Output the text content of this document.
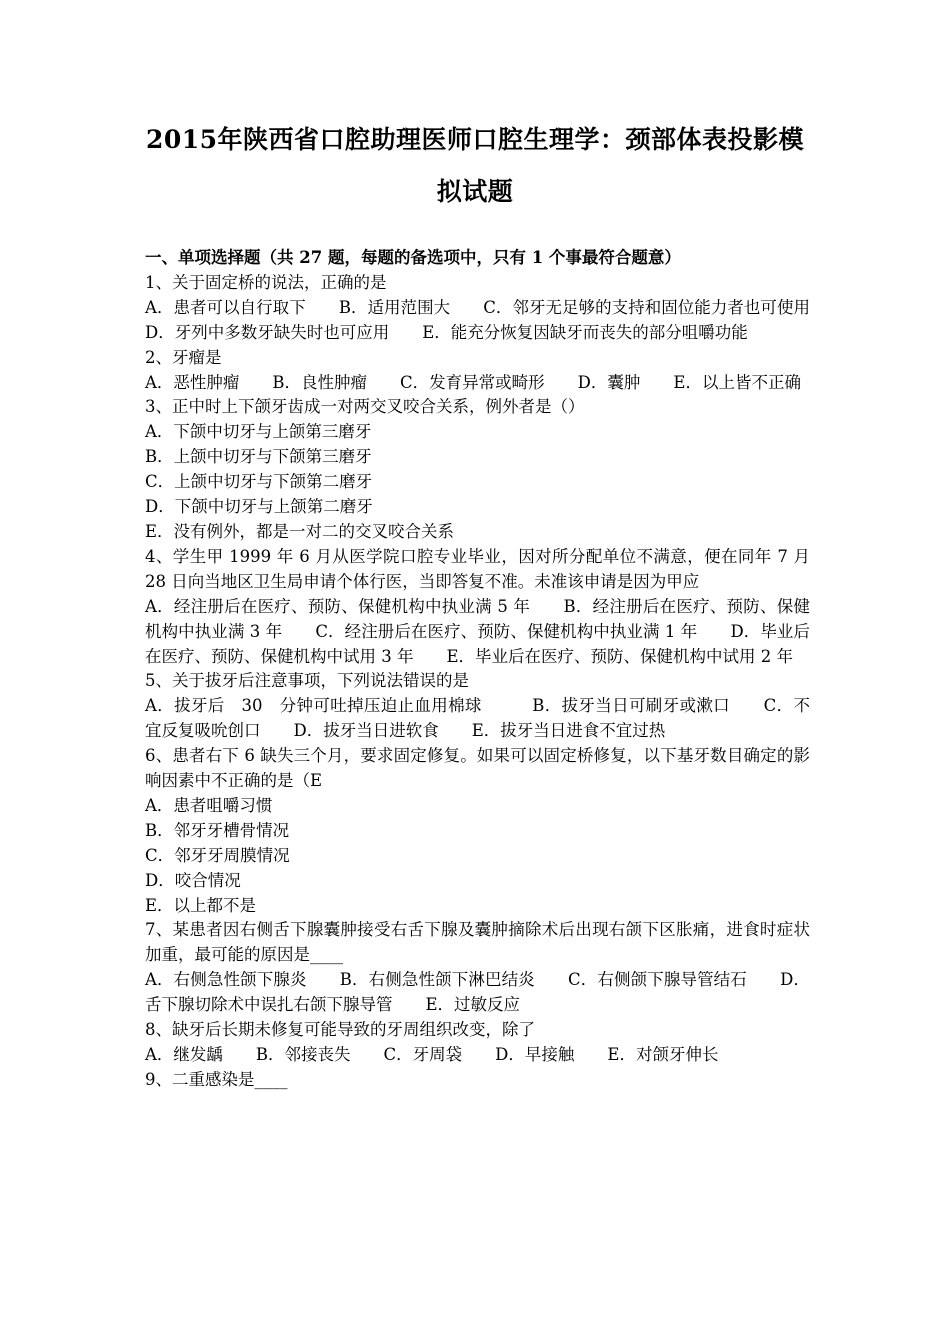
2015年陕西省口腔助理医师口腔生理学：颈部体表投影模
拟试题

一、单项选择题（共 27 题，每题的备选项中，只有 1 个事最符合题意）

1、关于固定桥的说法，正确的是

A．患者可以自行取下　　B．适用范围大　　C．邻牙无足够的支持和固位能力者也可使用　　D．牙列中多数牙缺失时也可应用　　E．能充分恢复因缺牙而丧失的部分咀嚼功能

2、牙瘤是

A．恶性肿瘤　　B．良性肿瘤　　C．发育异常或畸形　　D．囊肿　　E．以上皆不正确

3、正中时上下颌牙齿成一对两交叉咬合关系，例外者是（）

A．下颌中切牙与上颌第三磨牙

B．上颌中切牙与下颌第三磨牙

C．上颌中切牙与下颌第二磨牙

D．下颌中切牙与上颌第二磨牙

E．没有例外，都是一对二的交叉咬合关系

4、学生甲 1999 年 6 月从医学院口腔专业毕业，因对所分配单位不满意，便在同年 7 月 28 日向当地区卫生局申请个体行医，当即答复不准。未准该申请是因为甲应

A．经注册后在医疗、预防、保健机构中执业满 5 年　　B．经注册后在医疗、预防、保健机构中执业满 3 年　　C．经注册后在医疗、预防、保健机构中执业满 1 年　　D．毕业后在医疗、预防、保健机构中试用 3 年　　E．毕业后在医疗、预防、保健机构中试用 2 年

5、关于拔牙后注意事项，下列说法错误的是

A．拔牙后　30　分钟可吐掉压迫止血用棉球　　　B．拔牙当日可刷牙或漱口　　C．不宜反复吸吮创口　　D．拔牙当日进软食　　E．拔牙当日进食不宜过热

6、患者右下 6 缺失三个月，要求固定修复。如果可以固定桥修复，以下基牙数目确定的影响因素中不正确的是（E

A．患者咀嚼习惯

B．邻牙牙槽骨情况

C．邻牙牙周膜情况

D．咬合情况

E．以上都不是

7、某患者因右侧舌下腺囊肿接受右舌下腺及囊肿摘除术后出现右颌下区胀痛，进食时症状加重，最可能的原因是____

A．右侧急性颌下腺炎　　B．右侧急性颌下淋巴结炎　　C．右侧颌下腺导管结石　　D．舌下腺切除术中误扎右颌下腺导管　　E．过敏反应

8、缺牙后长期未修复可能导致的牙周组织改变，除了

A．继发龋　　B．邻接丧失　　C．牙周袋　　D．早接触　　E．对颌牙伸长

9、二重感染是____
